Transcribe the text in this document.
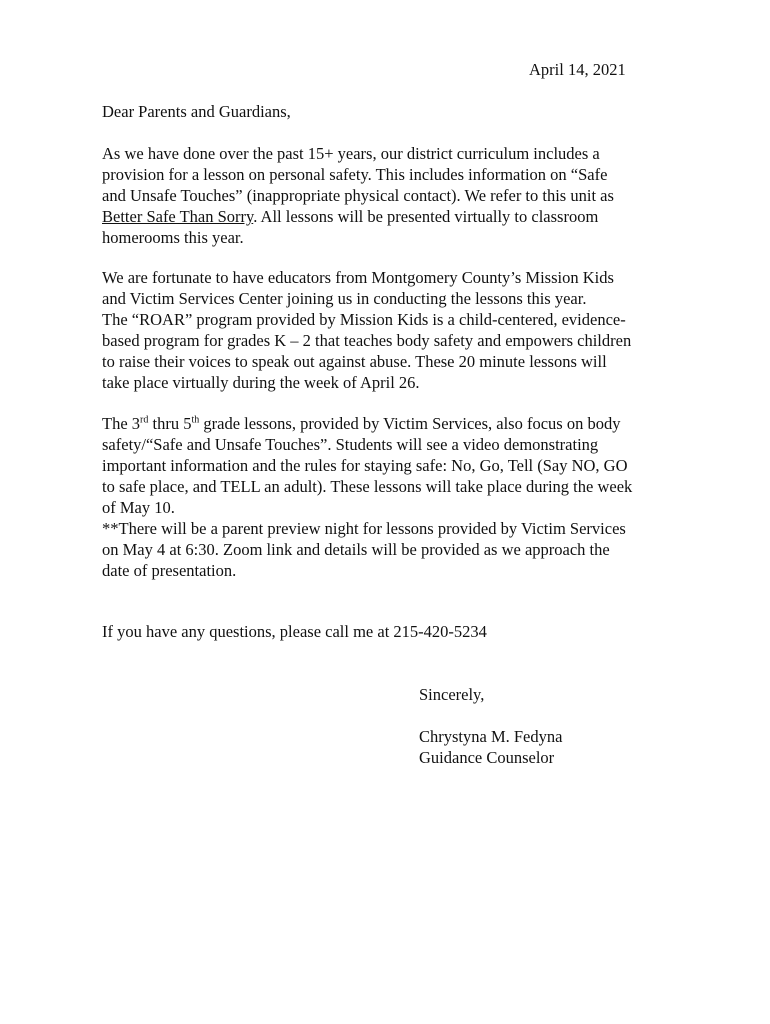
April 14, 2021
Dear Parents and Guardians,
As we have done over the past 15+ years, our district curriculum includes a
provision for a lesson on personal safety. This includes information on “Safe
and Unsafe Touches” (inappropriate physical contact). We refer to this unit as
Better Safe Than Sorry. All lessons will be presented virtually to classroom
homerooms this year.
We are fortunate to have educators from Montgomery County’s Mission Kids
and Victim Services Center joining us in conducting the lessons this year.
The “ROAR” program provided by Mission Kids is a child-centered, evidence-
based program for grades K – 2 that teaches body safety and empowers children
to raise their voices to speak out against abuse. These 20 minute lessons will
take place virtually during the week of April 26.
The 3rd thru 5th grade lessons, provided by Victim Services, also focus on body
safety/“Safe and Unsafe Touches”. Students will see a video demonstrating
important information and the rules for staying safe: No, Go, Tell (Say NO, GO
to safe place, and TELL an adult). These lessons will take place during the week
of May 10.
**There will be a parent preview night for lessons provided by Victim Services
on May 4 at 6:30. Zoom link and details will be provided as we approach the
date of presentation.
If you have any questions, please call me at 215-420-5234
Sincerely,
Chrystyna M. Fedyna
Guidance Counselor
